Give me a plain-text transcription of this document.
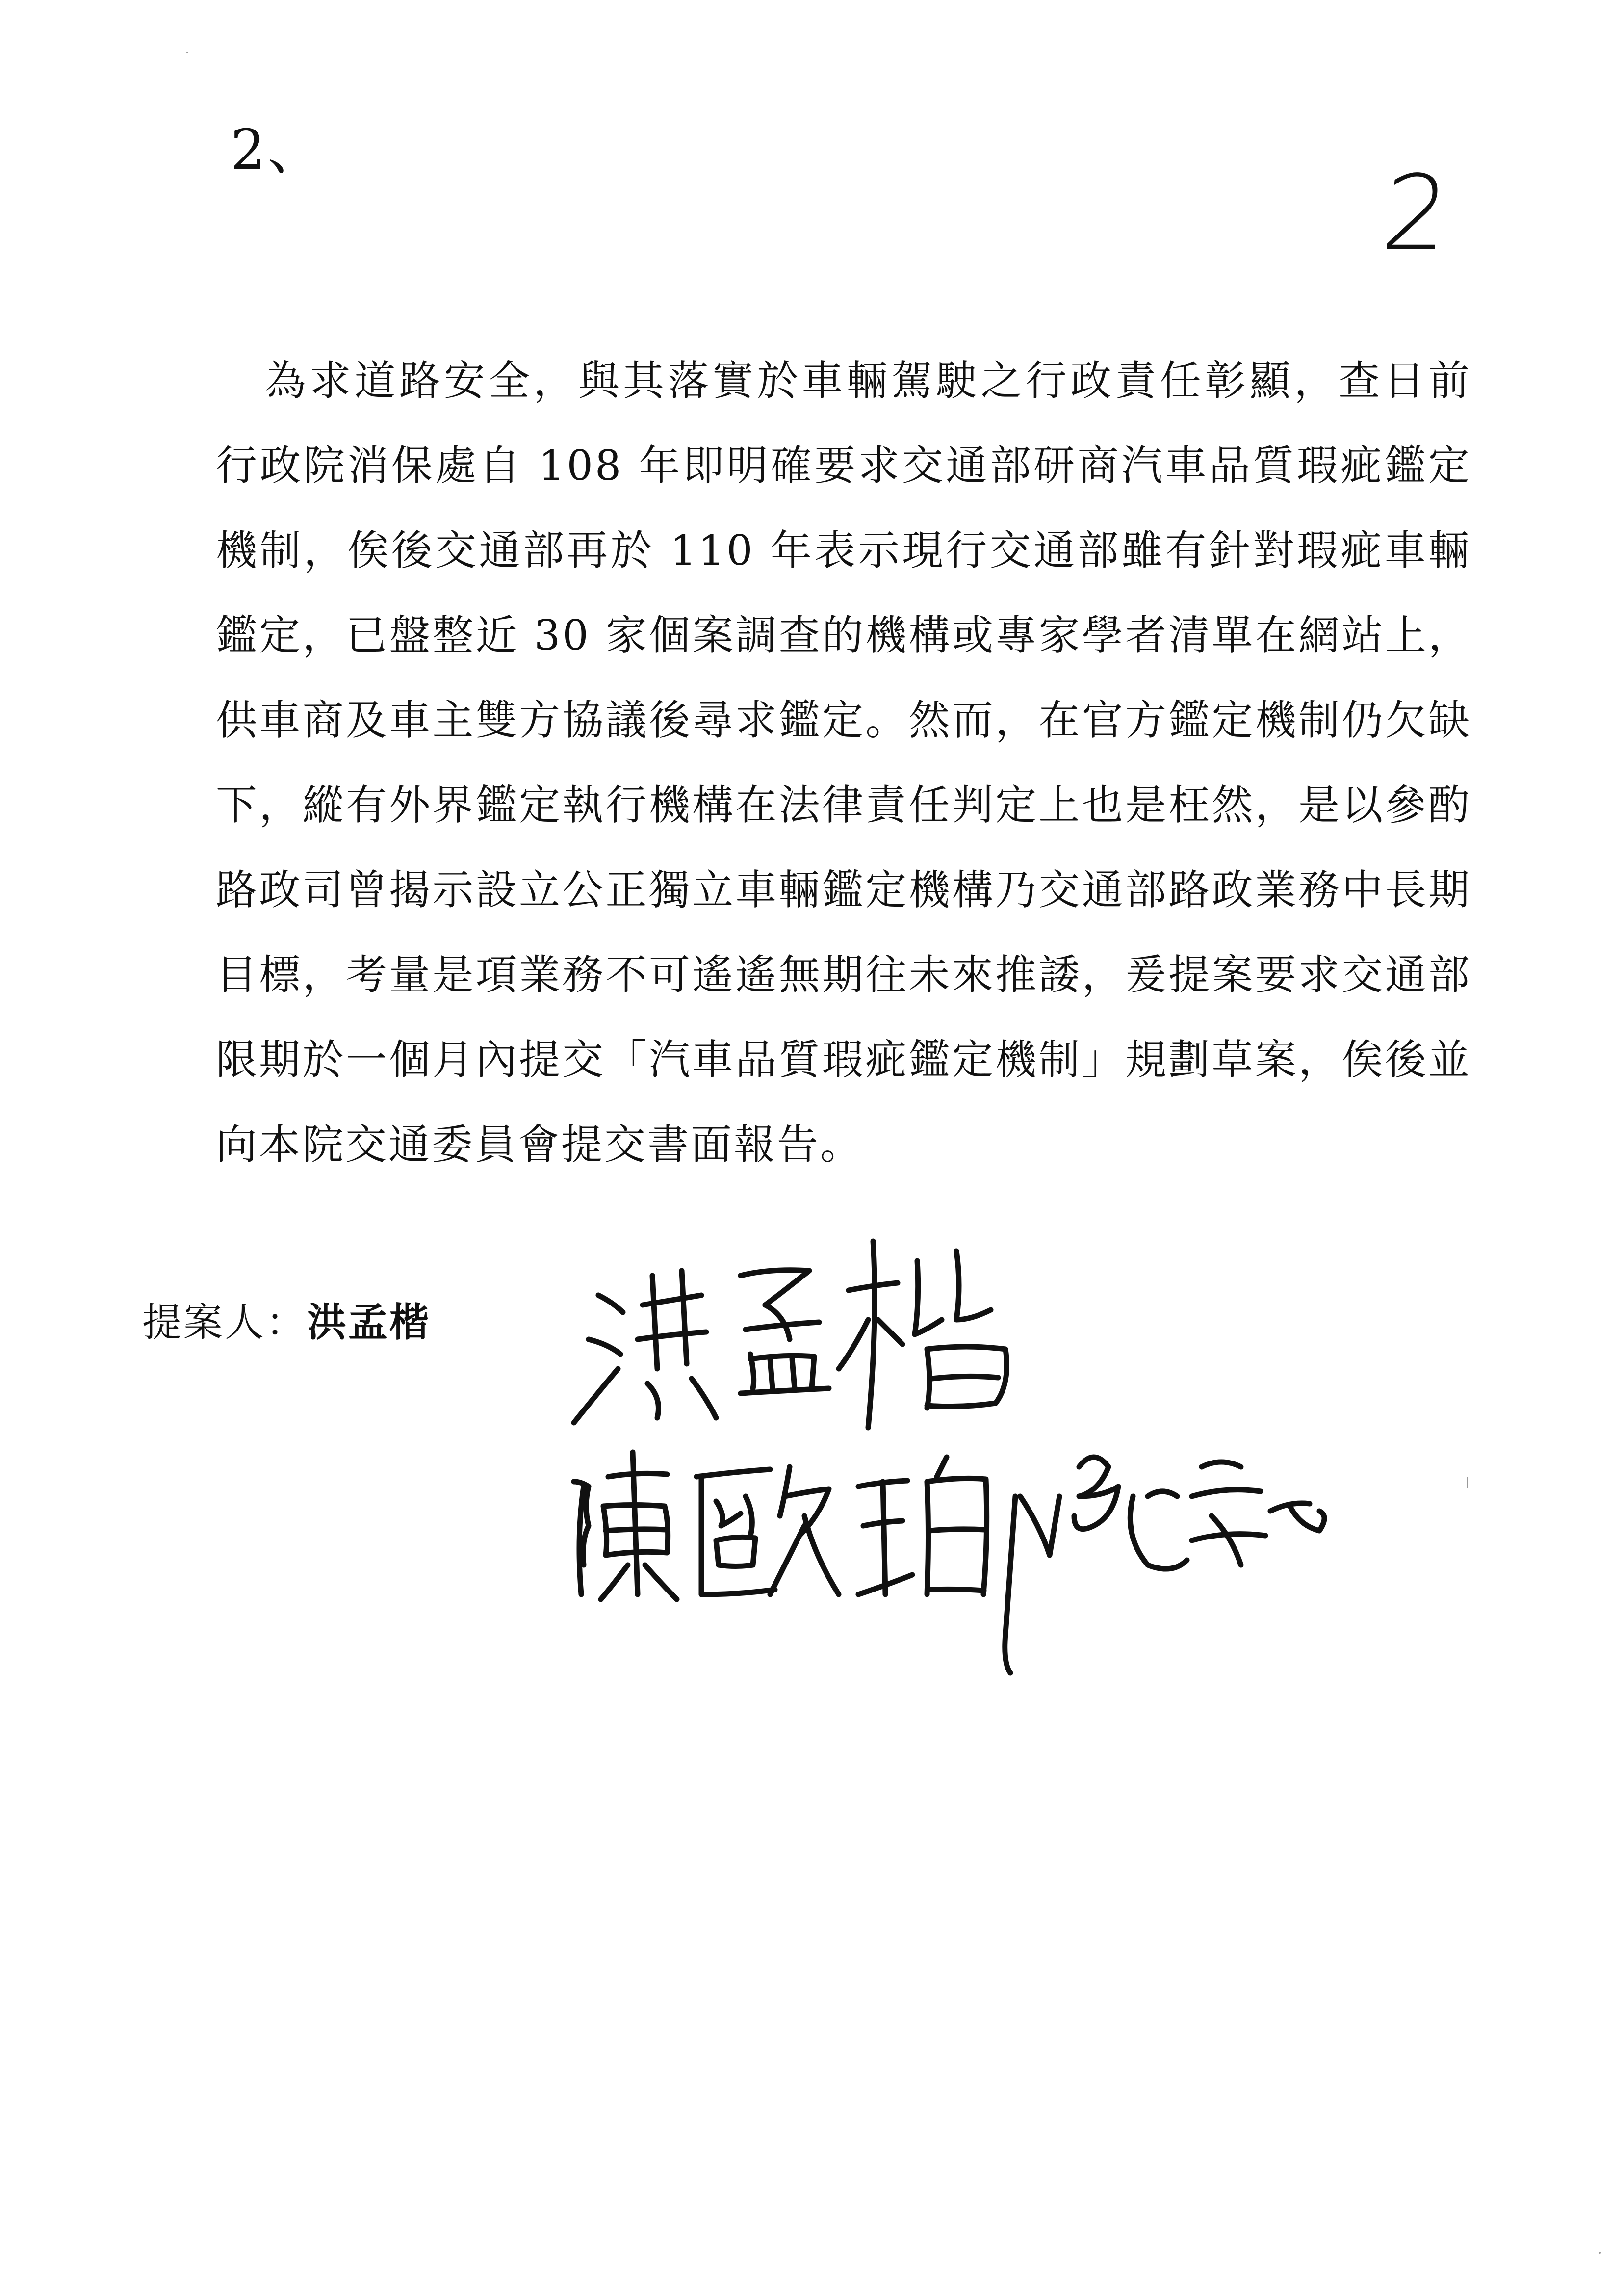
2、
2

為求道路安全，與其落實於車輛駕駛之行政責任彰顯，查日前行政院消保處自 108 年即明確要求交通部研商汽車品質瑕疵鑑定機制，俟後交通部再於 110 年表示現行交通部雖有針對瑕疵車輛鑑定，已盤整近 30 家個案調查的機構或專家學者清單在網站上，供車商及車主雙方協議後尋求鑑定。然而，在官方鑑定機制仍欠缺下，縱有外界鑑定執行機構在法律責任判定上也是枉然，是以參酌路政司曾揭示設立公正獨立車輛鑑定機構乃交通部路政業務中長期目標，考量是項業務不可遙遙無期往未來推諉，爰提案要求交通部限期於一個月內提交「汽車品質瑕疵鑑定機制」規劃草案，俟後並向本院交通委員會提交書面報告。

提案人：洪孟楷
